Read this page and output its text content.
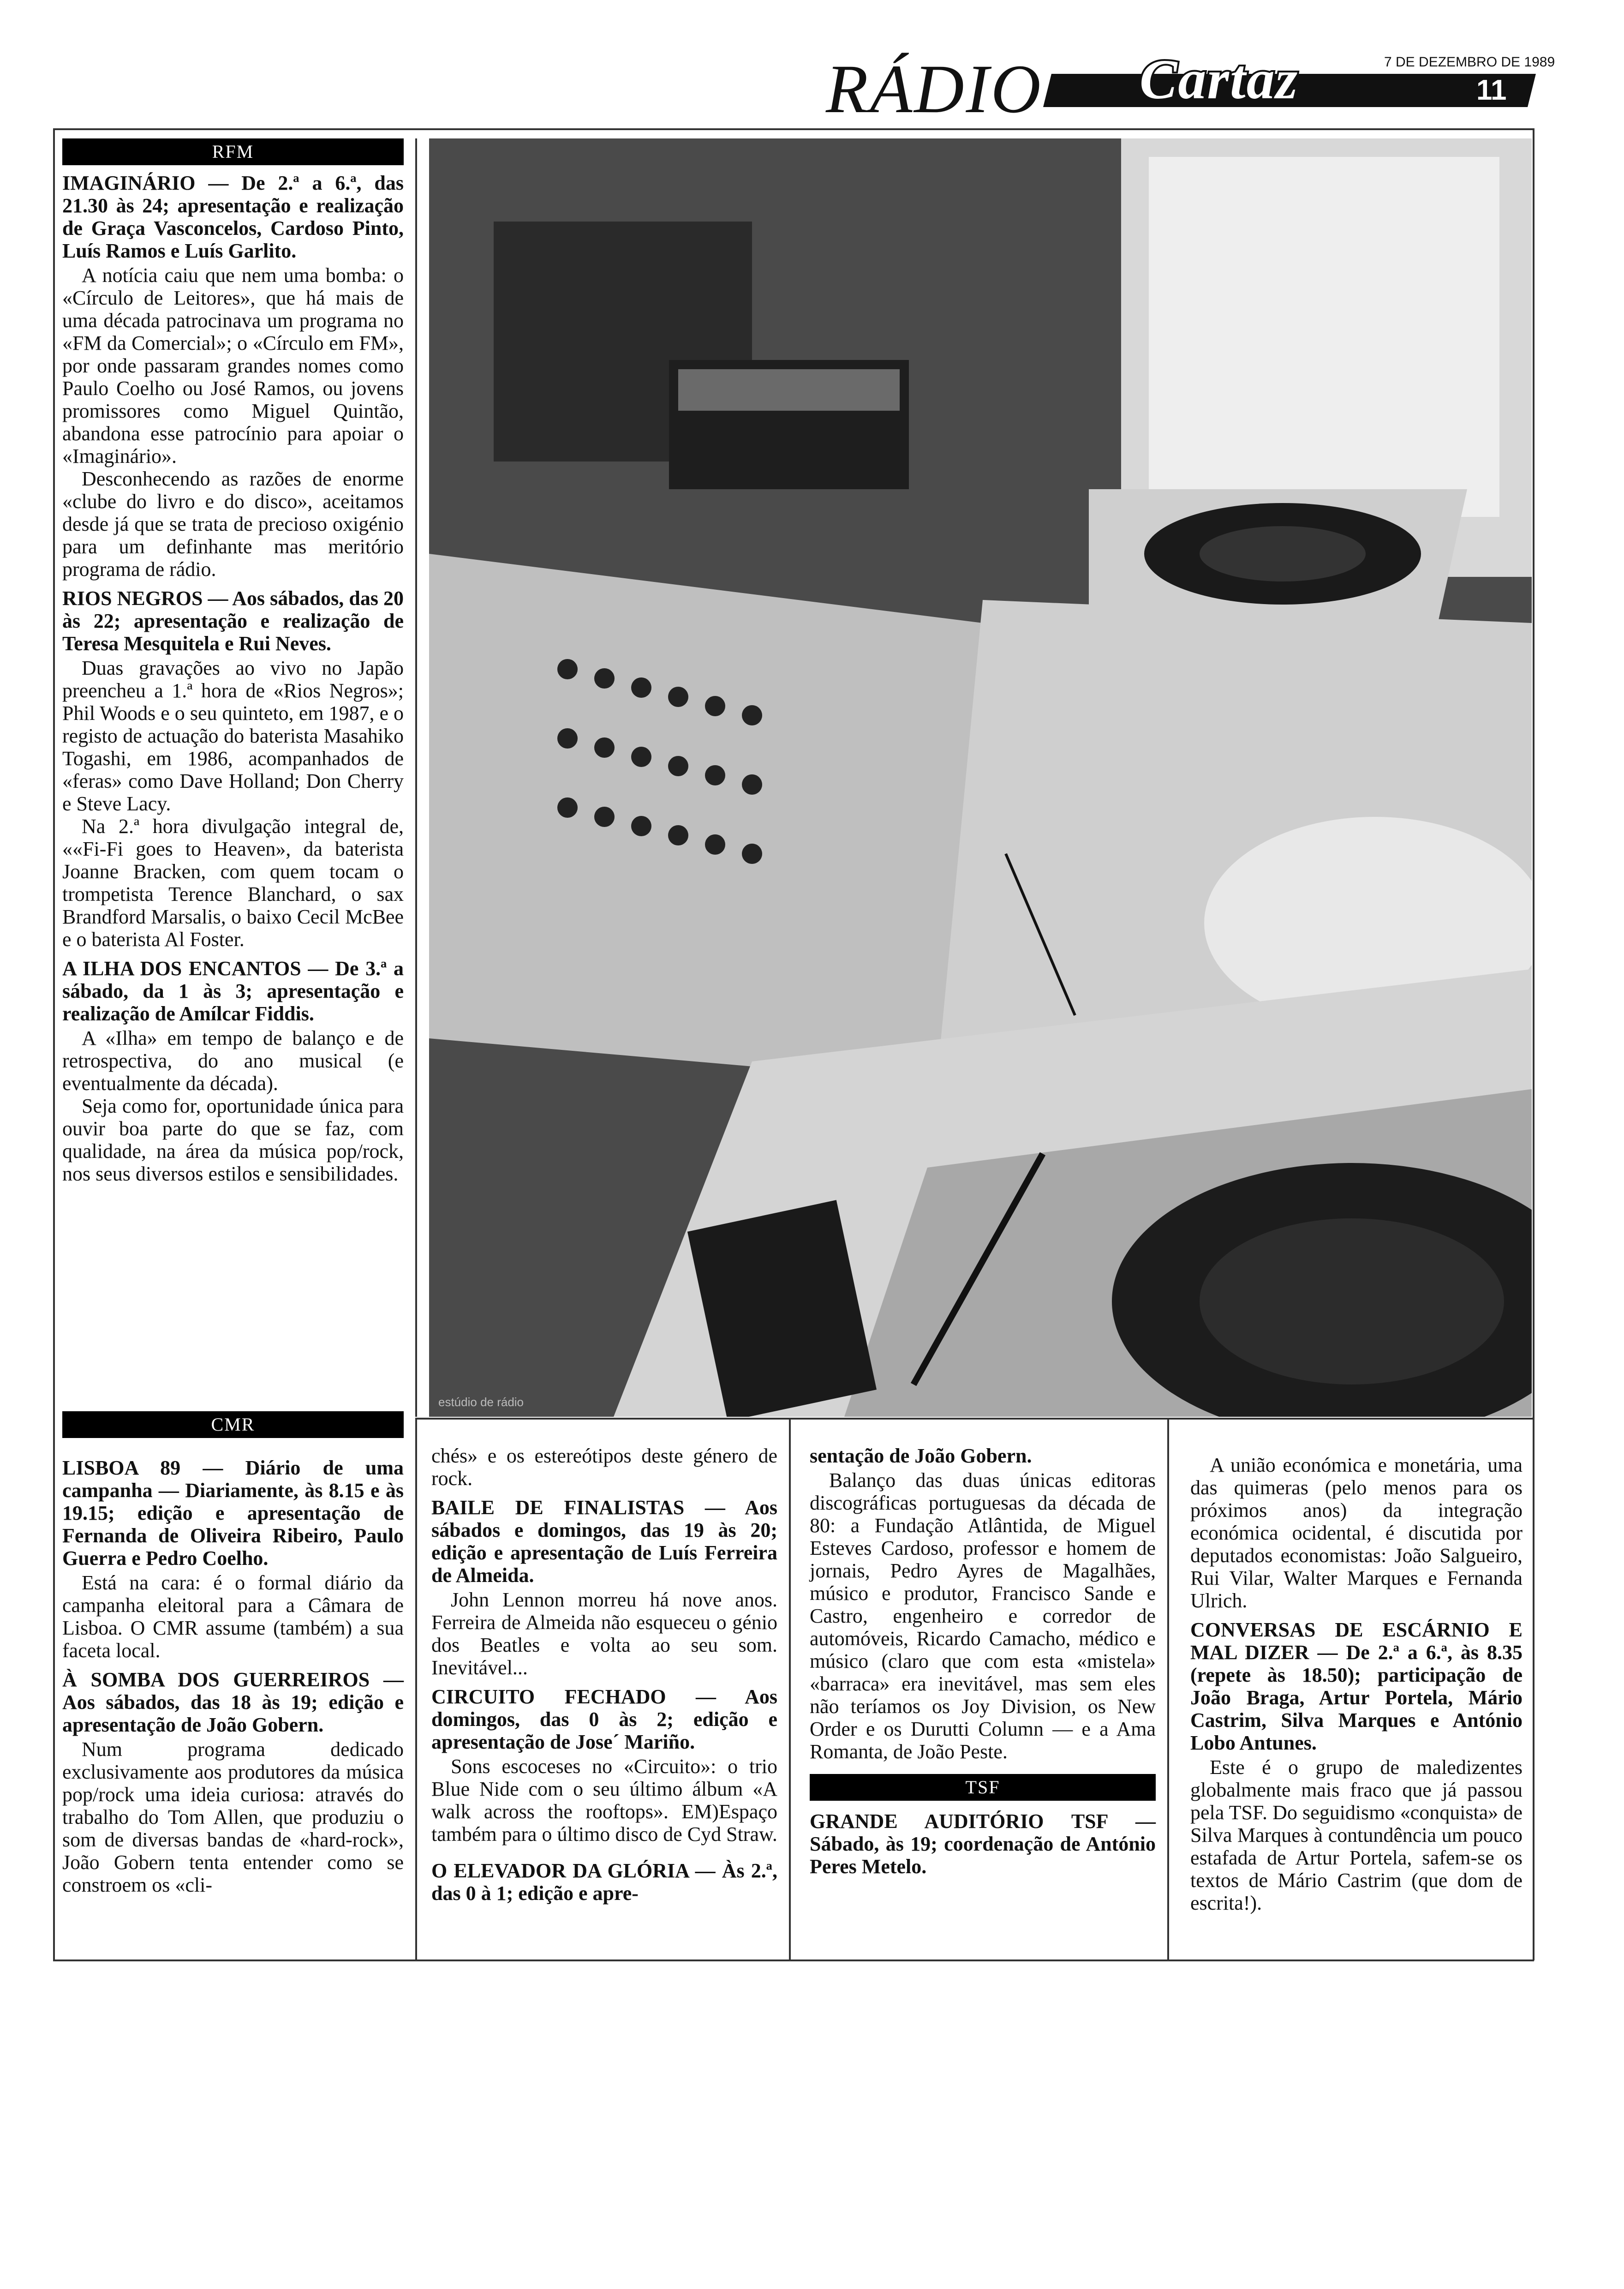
RÁDIO	7 DE DEZEMBRO DE 1989
Cartaz	11
RFM
IMAGINÁRIO — De 2.ª a 6.ª, das 21.30 às 24; apresentação e realização de Graça Vasconcelos, Cardoso Pinto, Luís Ramos e Luís Garlito.

A notícia caiu que nem uma bomba: o «Círculo de Leitores», que há mais de uma década patrocinava um programa no «FM da Comercial»; o «Círculo em FM», por onde passaram grandes nomes como Paulo Coelho ou José Ramos, ou jovens promissores como Miguel Quintão, abandona esse patrocínio para apoiar o «Imaginário».

Desconhecendo as razões de enorme «clube do livro e do disco», aceitamos desde já que se trata de precioso oxigénio para um definhante mas meritório programa de rádio.

RIOS NEGROS — Aos sábados, das 20 às 22; apresentação e realização de Teresa Mesquitela e Rui Neves.

Duas gravações ao vivo no Japão preencheu a 1.ª hora de «Rios Negros»; Phil Woods e o seu quinteto, em 1987, e o registo de actuação do baterista Masahiko Togashi, em 1986, acompanhados de «feras» como Dave Holland; Don Cherry e Steve Lacy.

Na 2.ª hora divulgação integral de, ««Fi-Fi goes to Heaven», da baterista Joanne Bracken, com quem tocam o trompetista Terence Blanchard, o sax Brandford Marsalis, o baixo Cecil McBee e o baterista Al Foster.

A ILHA DOS ENCANTOS — De 3.ª a sábado, da 1 às 3; apresentação e realização de Amílcar Fiddis.

A «Ilha» em tempo de balanço e de retrospectiva, do ano musical (e eventualmente da década).

Seja como for, oportunidade única para ouvir boa parte do que se faz, com qualidade, na área da música pop/rock, nos seus diversos estilos e sensibilidades.

estúdio de rádio
CMR
LISBOA 89 — Diário de uma campanha — Diariamente, às 8.15 e às 19.15; edição e apresentação de Fernanda de Oliveira Ribeiro, Paulo Guerra e Pedro Coelho.

Está na cara: é o formal diário da campanha eleitoral para a Câmara de Lisboa. O CMR assume (também) a sua faceta local.

À SOMBA DOS GUERREIROS — Aos sábados, das 18 às 19; edição e apresentação de João Gobern.

Num programa dedicado exclusivamente aos produtores da música pop/rock uma ideia curiosa: através do trabalho do Tom Allen, que produziu o som de diversas bandas de «hard-rock», João Gobern tenta entender como se constroem os «cli-

chés» e os estereótipos deste género de rock.

BAILE DE FINALISTAS — Aos sábados e domingos, das 19 às 20; edição e apresentação de Luís Ferreira de Almeida.

John Lennon morreu há nove anos. Ferreira de Almeida não esqueceu o génio dos Beatles e volta ao seu som. Inevitável...

CIRCUITO FECHADO — Aos domingos, das 0 às 2; edição e apresentação de Jose´ Mariño.

Sons escoceses no «Circuito»: o trio Blue Nide com o seu último álbum «A walk across the rooftops». EM)Espaço também para o último disco de Cyd Straw.

O ELEVADOR DA GLÓRIA — Às 2.ª, das 0 à 1; edição e apre-
sentação de João Gobern.

Balanço das duas únicas editoras discográficas portuguesas da década de 80: a Fundação Atlântida, de Miguel Esteves Cardoso, professor e homem de jornais, Pedro Ayres de Magalhães, músico e produtor, Francisco Sande e Castro, engenheiro e corredor de automóveis, Ricardo Camacho, médico e músico (claro que com esta «mistela» «barraca» era inevitável, mas sem eles não teríamos os Joy Division, os New Order e os Durutti Column — e a Ama Romanta, de João Peste.

TSF
GRANDE AUDITÓRIO TSF — Sábado, às 19; coordenação de António Peres Metelo.

A união económica e monetária, uma das quimeras (pelo menos para os próximos anos) da integração económica ocidental, é discutida por deputados economistas: João Salgueiro, Rui Vilar, Walter Marques e Fernanda Ulrich.

CONVERSAS DE ESCÁRNIO E MAL DIZER — De 2.ª a 6.ª, às 8.35 (repete às 18.50); participação de João Braga, Artur Portela, Mário Castrim, Silva Marques e António Lobo Antunes.

Este é o grupo de maledizentes globalmente mais fraco que já passou pela TSF. Do seguidismo «conquista» de Silva Marques à contundência um pouco estafada de Artur Portela, safem-se os textos de Mário Castrim (que dom de escrita!).
